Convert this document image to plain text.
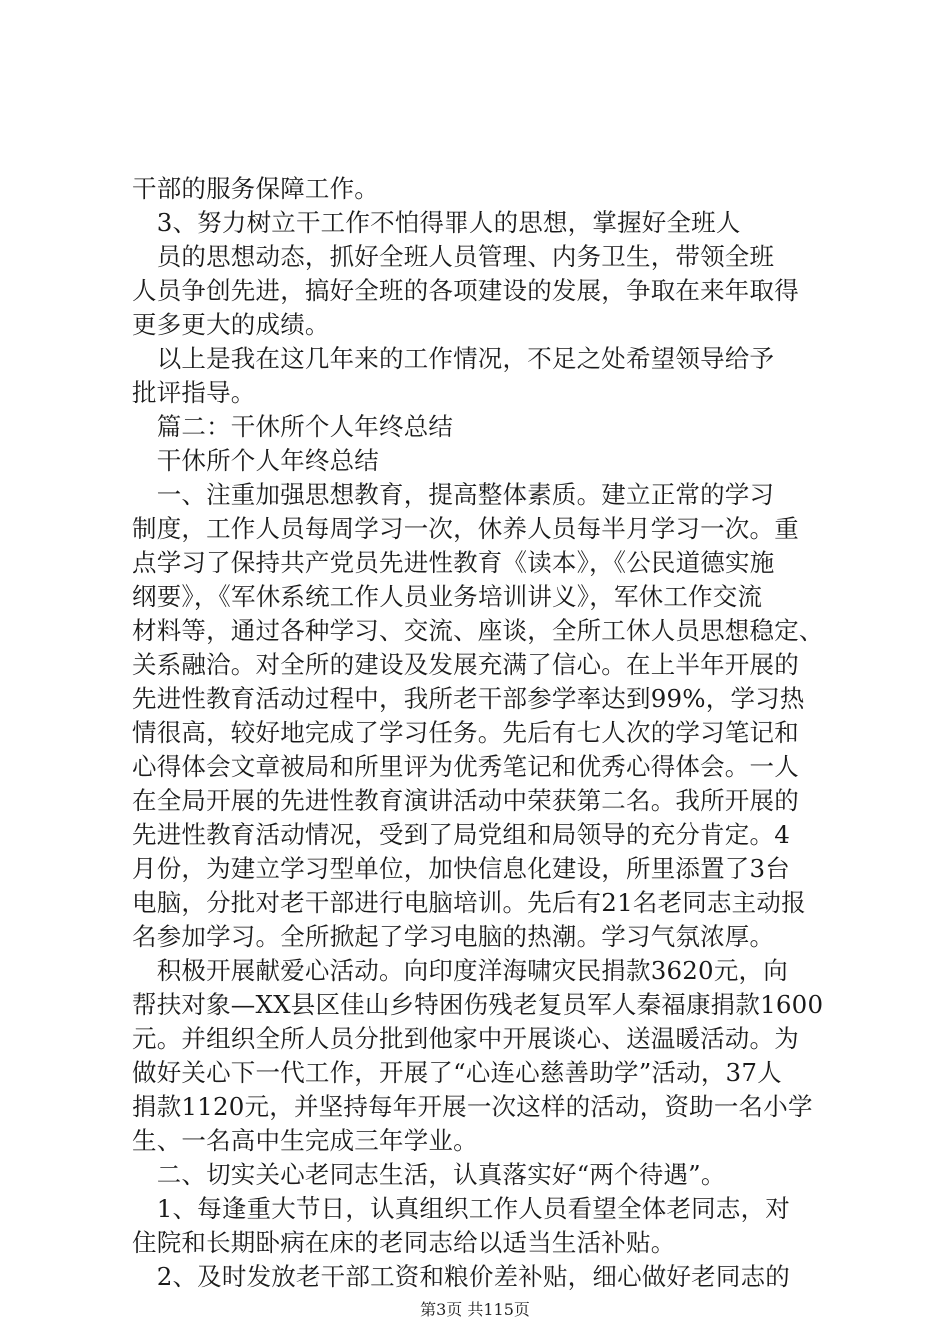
干部的服务保障工作。
　3、努力树立干工作不怕得罪人的思想，掌握好全班人
　员的思想动态，抓好全班人员管理、内务卫生，带领全班
人员争创先进，搞好全班的各项建设的发展，争取在来年取得
更多更大的成绩。
　以上是我在这几年来的工作情况，不足之处希望领导给予
批评指导。
　篇二：干休所个人年终总结
　干休所个人年终总结
　一、注重加强思想教育，提高整体素质。建立正常的学习
制度，工作人员每周学习一次，休养人员每半月学习一次。重
点学习了保持共产党员先进性教育《读本》，《公民道德实施
纲要》，《军休系统工作人员业务培训讲义》，军休工作交流
材料等，通过各种学习、交流、座谈，全所工休人员思想稳定、
关系融洽。对全所的建设及发展充满了信心。在上半年开展的
先进性教育活动过程中，我所老干部参学率达到99%，学习热
情很高，较好地完成了学习任务。先后有七人次的学习笔记和
心得体会文章被局和所里评为优秀笔记和优秀心得体会。一人
在全局开展的先进性教育演讲活动中荣获第二名。我所开展的
先进性教育活动情况，受到了局党组和局领导的充分肯定。4
月份，为建立学习型单位，加快信息化建设，所里添置了3台
电脑，分批对老干部进行电脑培训。先后有21名老同志主动报
名参加学习。全所掀起了学习电脑的热潮。学习气氛浓厚。
　积极开展献爱心活动。向印度洋海啸灾民捐款3620元，向
帮扶对象—XX县区佳山乡特困伤残老复员军人秦福康捐款1600
元。并组织全所人员分批到他家中开展谈心、送温暖活动。为
做好关心下一代工作，开展了“心连心慈善助学”活动，37人
捐款1120元，并坚持每年开展一次这样的活动，资助一名小学
生、一名高中生完成三年学业。
　二、切实关心老同志生活，认真落实好“两个待遇”。
　1、每逢重大节日，认真组织工作人员看望全体老同志，对
住院和长期卧病在床的老同志给以适当生活补贴。
　2、及时发放老干部工资和粮价差补贴，细心做好老同志的
第3页 共115页
